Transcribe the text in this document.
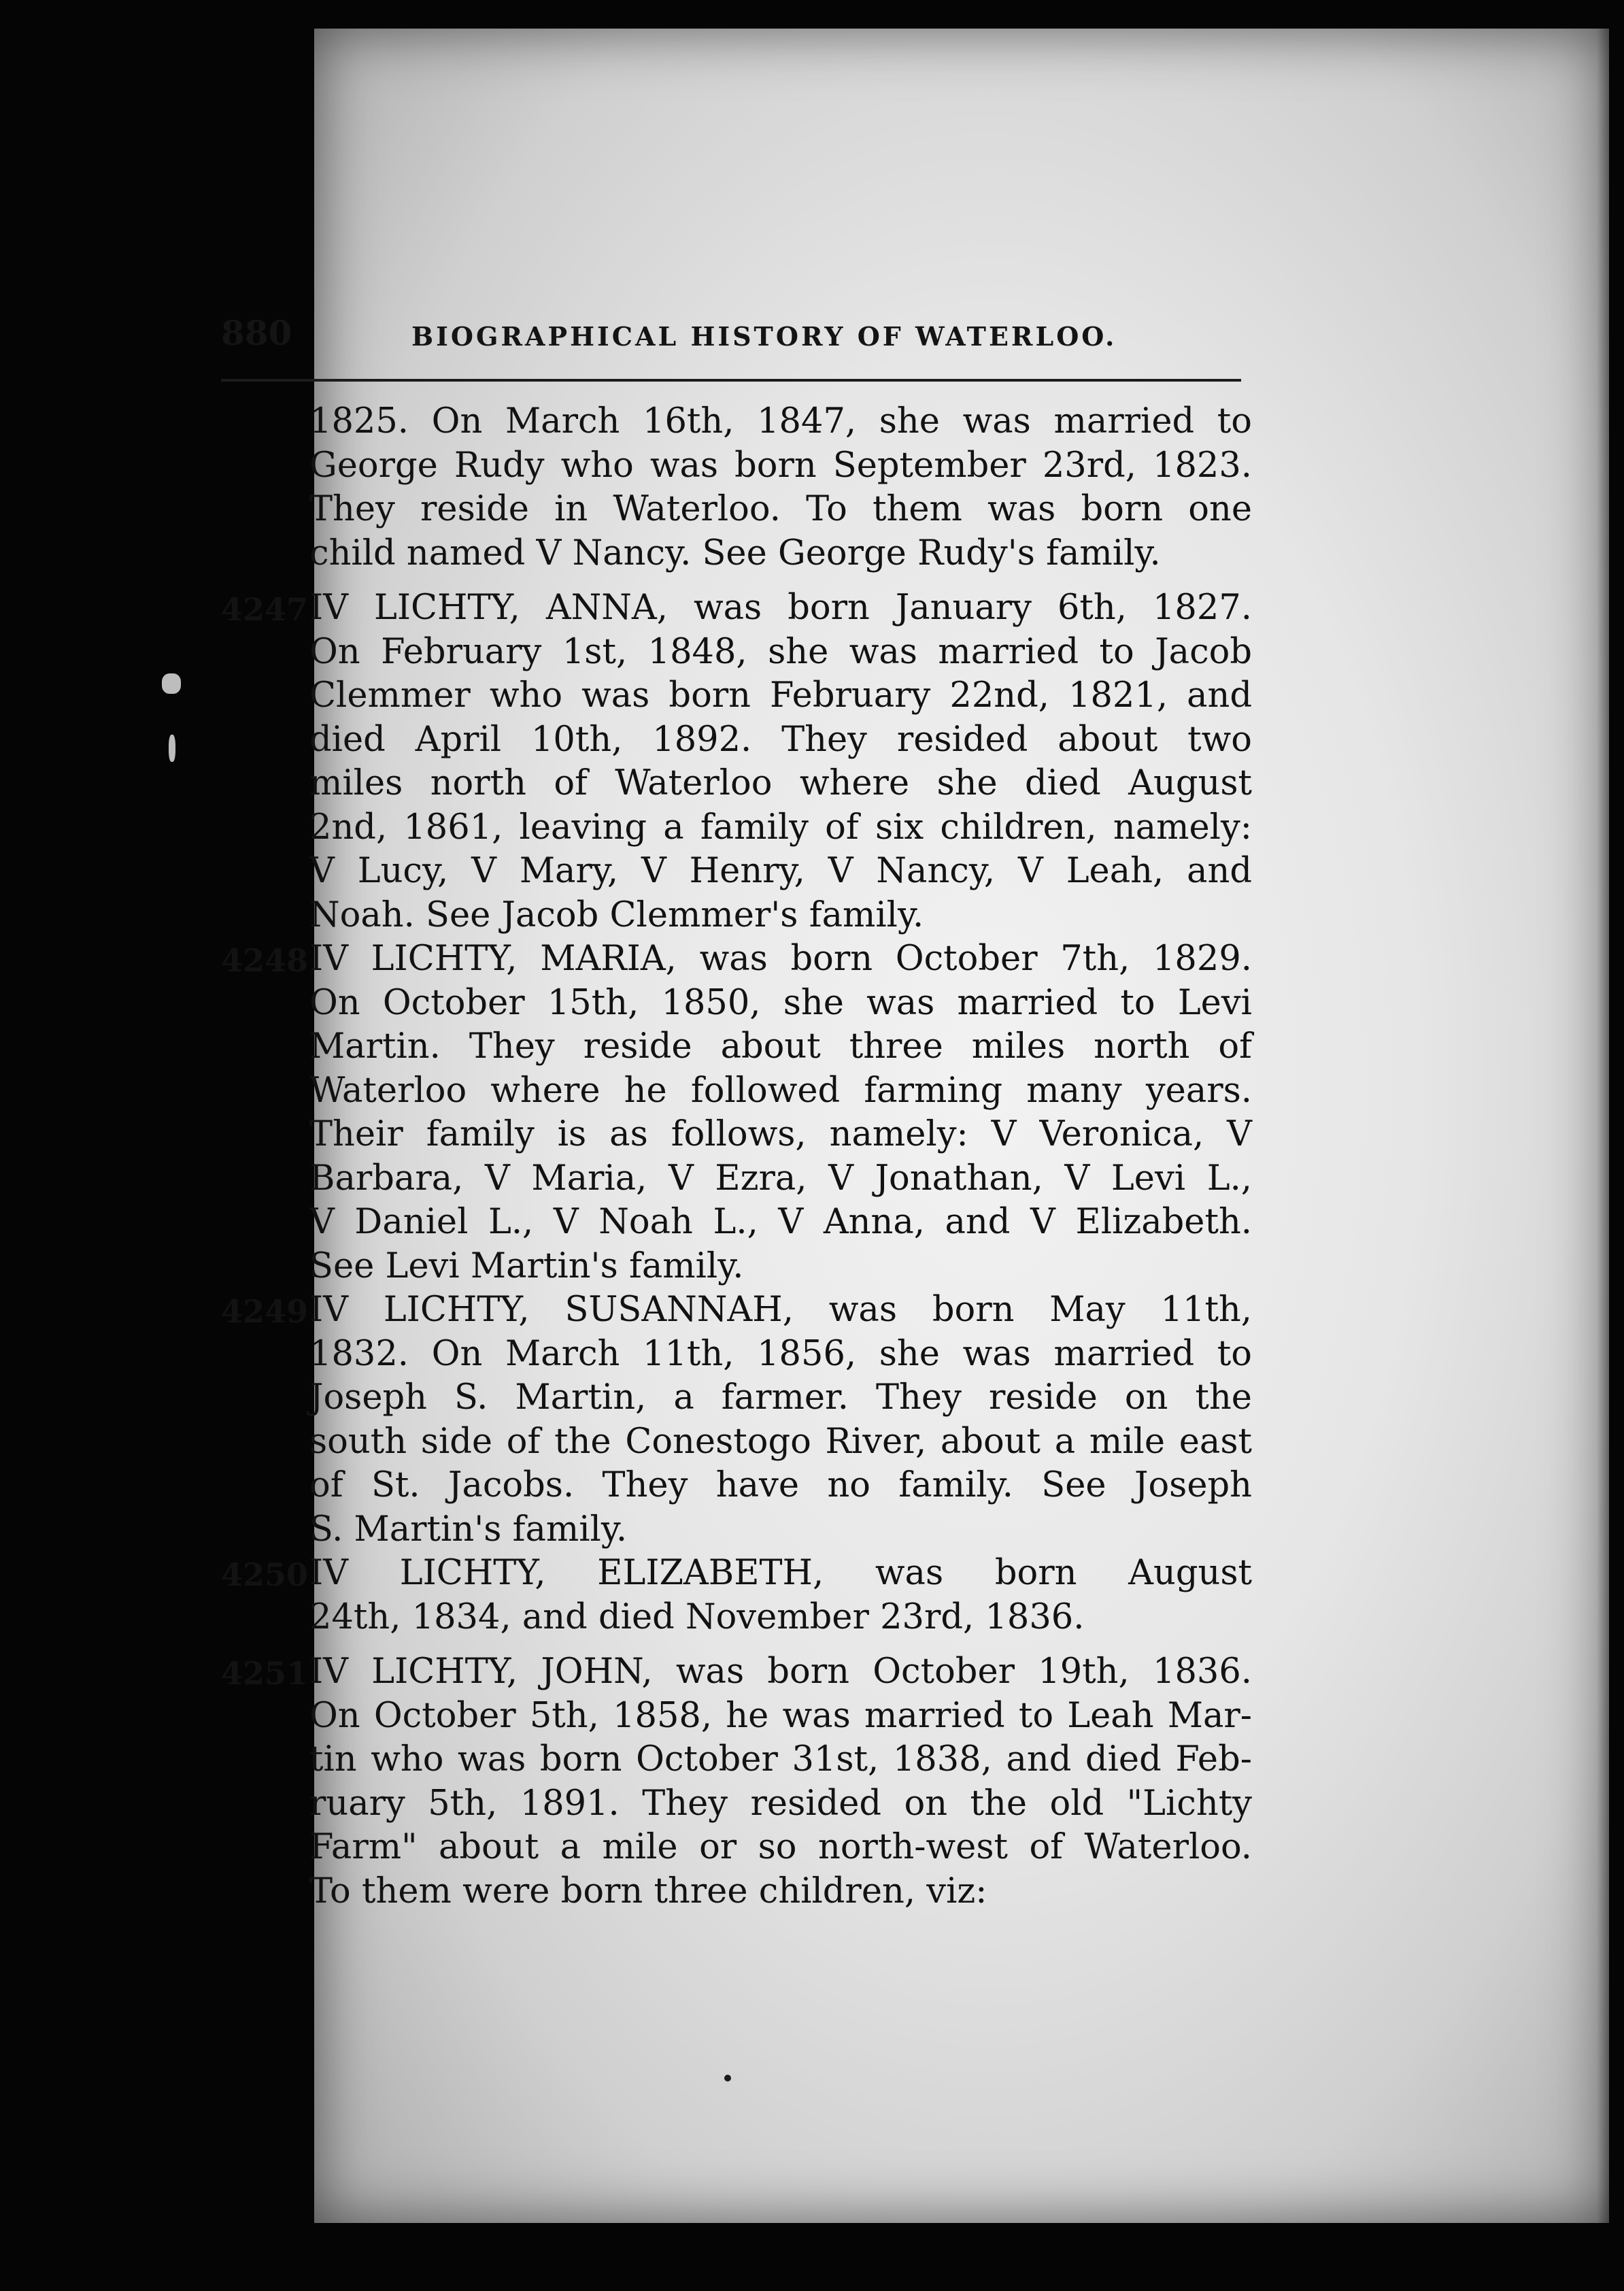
880	BIOGRAPHICAL HISTORY OF WATERLOO.
1825. On March 16th, 1847, she was married to
George Rudy who was born September 23rd, 1823.
They reside in Waterloo. To them was born one
child named V Nancy. See George Rudy's family.
4247 IV LICHTY, ANNA, was born January 6th, 1827.
On February 1st, 1848, she was married to Jacob
Clemmer who was born February 22nd, 1821, and
died April 10th, 1892. They resided about two
miles north of Waterloo where she died August
2nd, 1861, leaving a family of six children, namely:
V Lucy, V Mary, V Henry, V Nancy, V Leah, and
Noah. See Jacob Clemmer's family.
4248 IV LICHTY, MARIA, was born October 7th, 1829.
On October 15th, 1850, she was married to Levi
Martin. They reside about three miles north of
Waterloo where he followed farming many years.
Their family is as follows, namely: V Veronica, V
Barbara, V Maria, V Ezra, V Jonathan, V Levi L.,
V Daniel L., V Noah L., V Anna, and V Elizabeth.
See Levi Martin's family.
4249 IV LICHTY, SUSANNAH, was born May 11th,
1832. On March 11th, 1856, she was married to
Joseph S. Martin, a farmer. They reside on the
south side of the Conestogo River, about a mile east
of St. Jacobs. They have no family. See Joseph
S. Martin's family.
4250 IV LICHTY, ELIZABETH, was born August
24th, 1834, and died November 23rd, 1836.
4251 IV LICHTY, JOHN, was born October 19th, 1836.
On October 5th, 1858, he was married to Leah Mar-
tin who was born October 31st, 1838, and died Feb-
ruary 5th, 1891. They resided on the old "Lichty
Farm" about a mile or so north-west of Waterloo.
To them were born three children, viz:
